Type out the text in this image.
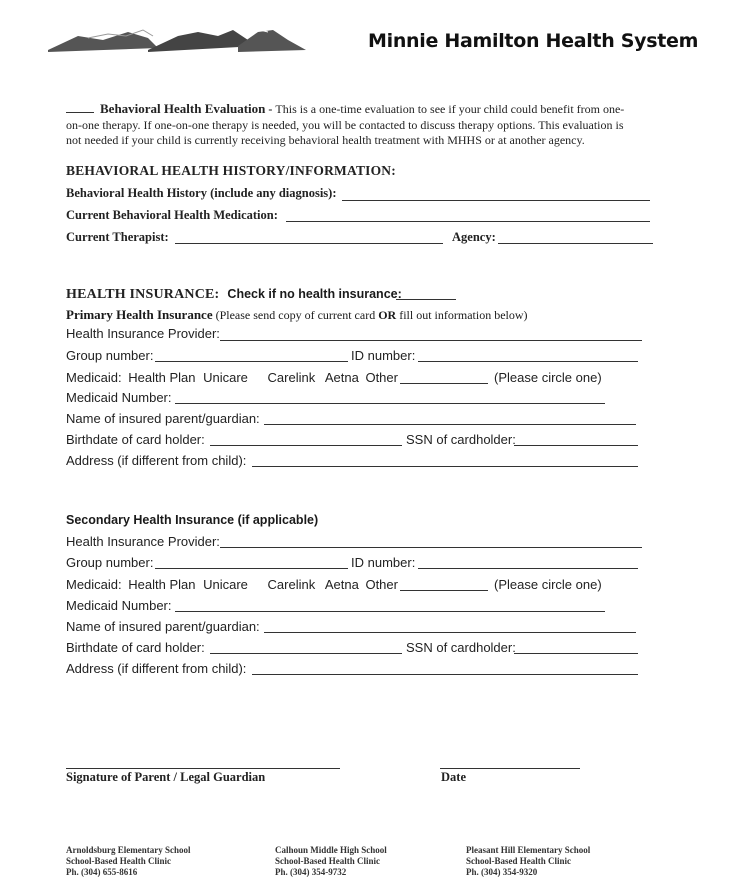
Minnie Hamilton Health System
Behavioral Health Evaluation - This is a one-time evaluation to see if your child could benefit from one-
on-one therapy. If one-on-one therapy is needed, you will be contacted to discuss therapy options. This evaluation is
not needed if your child is currently receiving behavioral health treatment with MHHS or at another agency.
BEHAVIORAL HEALTH HISTORY/INFORMATION:
Behavioral Health History (include any diagnosis):
Current Behavioral Health Medication:
Current Therapist:	Agency:
HEALTH INSURANCE: Check if no health insurance:
Primary Health Insurance (Please send copy of current card OR fill out information below)
Health Insurance Provider:
Group number:	ID number:
Medicaid: Health Plan Unicare Carelink Aetna Other	(Please circle one)
Medicaid Number:
Name of insured parent/guardian:
Birthdate of card holder:	SSN of cardholder:
Address (if different from child):
Secondary Health Insurance (if applicable)
Health Insurance Provider:
Group number:	ID number:
Medicaid: Health Plan Unicare Carelink Aetna Other	(Please circle one)
Medicaid Number:
Name of insured parent/guardian:
Birthdate of card holder:	SSN of cardholder:
Address (if different from child):
Signature of Parent / Legal Guardian	Date
Arnoldsburg Elementary School
School-Based Health Clinic
Ph. (304) 655-8616
Calhoun Middle High School
School-Based Health Clinic
Ph. (304) 354-9732
Pleasant Hill Elementary School
School-Based Health Clinic
Ph. (304) 354-9320
